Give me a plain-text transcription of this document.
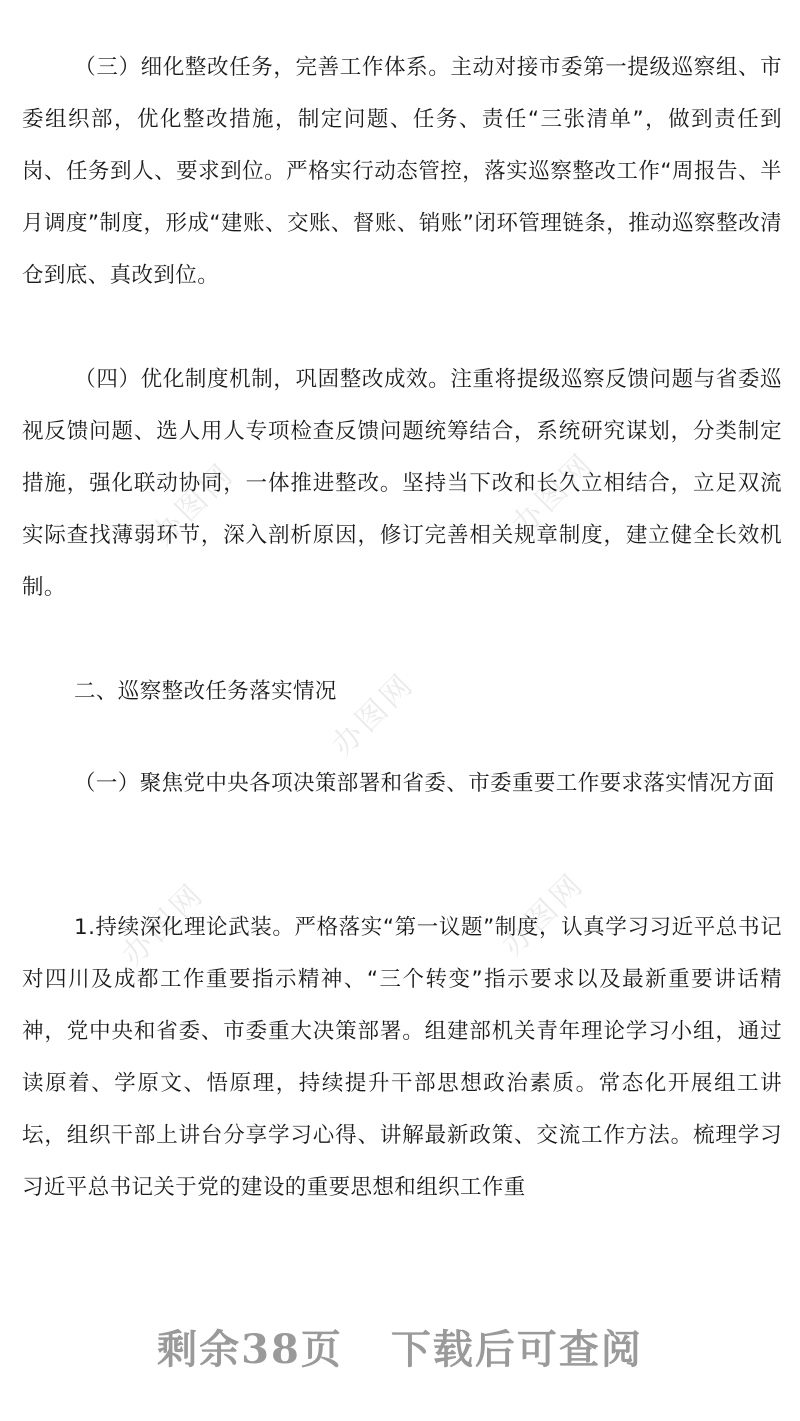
办图网	办图网
办图网
办图网	办图网

（三）细化整改任务，完善工作体系。主动对接市委第一提级巡察组、市委组织部，优化整改措施，制定问题、任务、责任“三张清单”，做到责任到岗、任务到人、要求到位。严格实行动态管控，落实巡察整改工作“周报告、半月调度”制度，形成“建账、交账、督账、销账”闭环管理链条，推动巡察整改清仓到底、真改到位。

（四）优化制度机制，巩固整改成效。注重将提级巡察反馈问题与省委巡视反馈问题、选人用人专项检查反馈问题统筹结合，系统研究谋划，分类制定措施，强化联动协同，一体推进整改。坚持当下改和长久立相结合，立足双流实际查找薄弱环节，深入剖析原因，修订完善相关规章制度，建立健全长效机制。

二、巡察整改任务落实情况

（一）聚焦党中央各项决策部署和省委、市委重要工作要求落实情况方面

1.持续深化理论武装。严格落实“第一议题”制度，认真学习习近平总书记对四川及成都工作重要指示精神、“三个转变”指示要求以及最新重要讲话精神，党中央和省委、市委重大决策部署。组建部机关青年理论学习小组，通过读原着、学原文、悟原理，持续提升干部思想政治素质。常态化开展组工讲坛，组织干部上讲台分享学习心得、讲解最新政策、交流工作方法。梳理学习习近平总书记关于党的建设的重要思想和组织工作重

剩余38页 下载后可查阅
